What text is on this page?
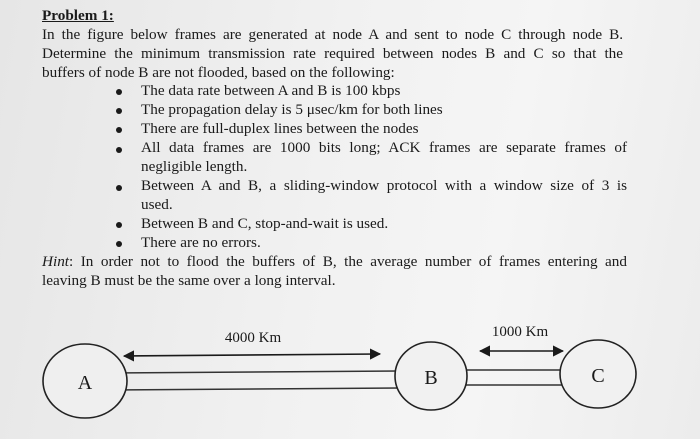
Problem 1:

In the figure below frames are generated at node A and sent to node C through node B.

Determine the minimum transmission rate required between nodes B and C so that the

buffers of node B are not flooded, based on the following:

The data rate between A and B is 100 kbps

The propagation delay is 5 μsec/km for both lines

There are full-duplex lines between the nodes

All data frames are 1000 bits long; ACK frames are separate frames of

negligible length.

Between A and B, a sliding-window protocol with a window size of 3 is

used.

Between B and C, stop-and-wait is used.

There are no errors.

Hint: In order not to flood the buffers of B, the average number of frames entering and

leaving B must be the same over a long interval.

4000 Km	1000 Km
A	B	C
